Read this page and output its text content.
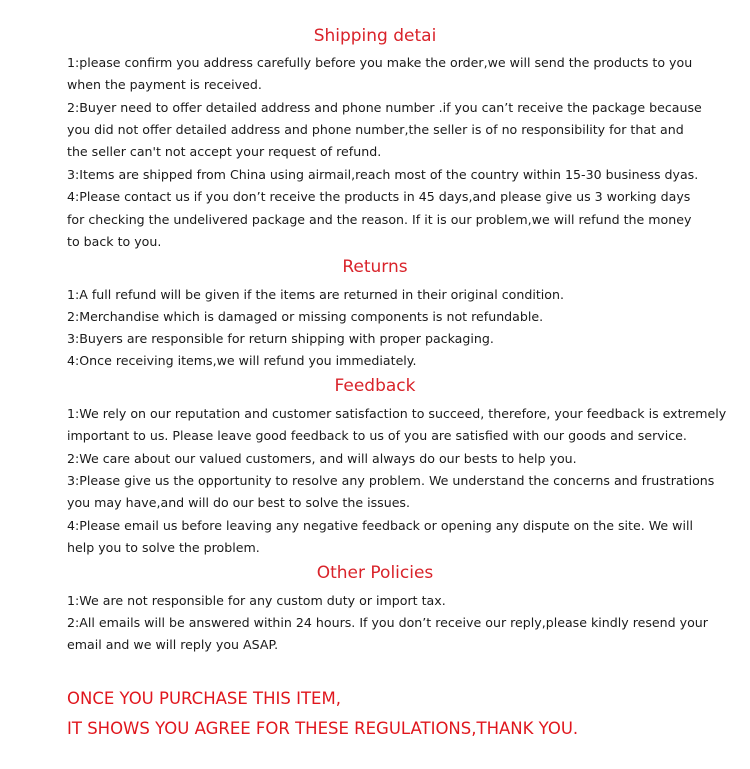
Shipping detai
1:please confirm you address carefully before you make the order,we will send the products to you
when the payment is received.
2:Buyer need to offer detailed address and phone number .if you can’t receive the package because
you did not offer detailed address and phone number,the seller is of no responsibility for that and
the seller can't not accept your request of refund.
3:Items are shipped from China using airmail,reach most of the country within 15-30 business dyas.
4:Please contact us if you don’t receive the products in 45 days,and please give us 3 working days
for checking the undelivered package and the reason. If it is our problem,we will refund the money
to back to you.
Returns
1:A full refund will be given if the items are returned in their original condition.
2:Merchandise which is damaged or missing components is not refundable.
3:Buyers are responsible for return shipping with proper packaging.
4:Once receiving items,we will refund you immediately.
Feedback
1:We rely on our reputation and customer satisfaction to succeed, therefore, your feedback is extremely
important to us. Please leave good feedback to us of you are satisfied with our goods and service.
2:We care about our valued customers, and will always do our bests to help you.
3:Please give us the opportunity to resolve any problem. We understand the concerns and frustrations
you may have,and will do our best to solve the issues.
4:Please email us before leaving any negative feedback or opening any dispute on the site. We will
help you to solve the problem.
Other Policies
1:We are not responsible for any custom duty or import tax.
2:All emails will be answered within 24 hours. If you don’t receive our reply,please kindly resend your
email and we will reply you ASAP.
ONCE YOU PURCHASE THIS ITEM,
IT SHOWS YOU AGREE FOR THESE REGULATIONS,THANK YOU.
